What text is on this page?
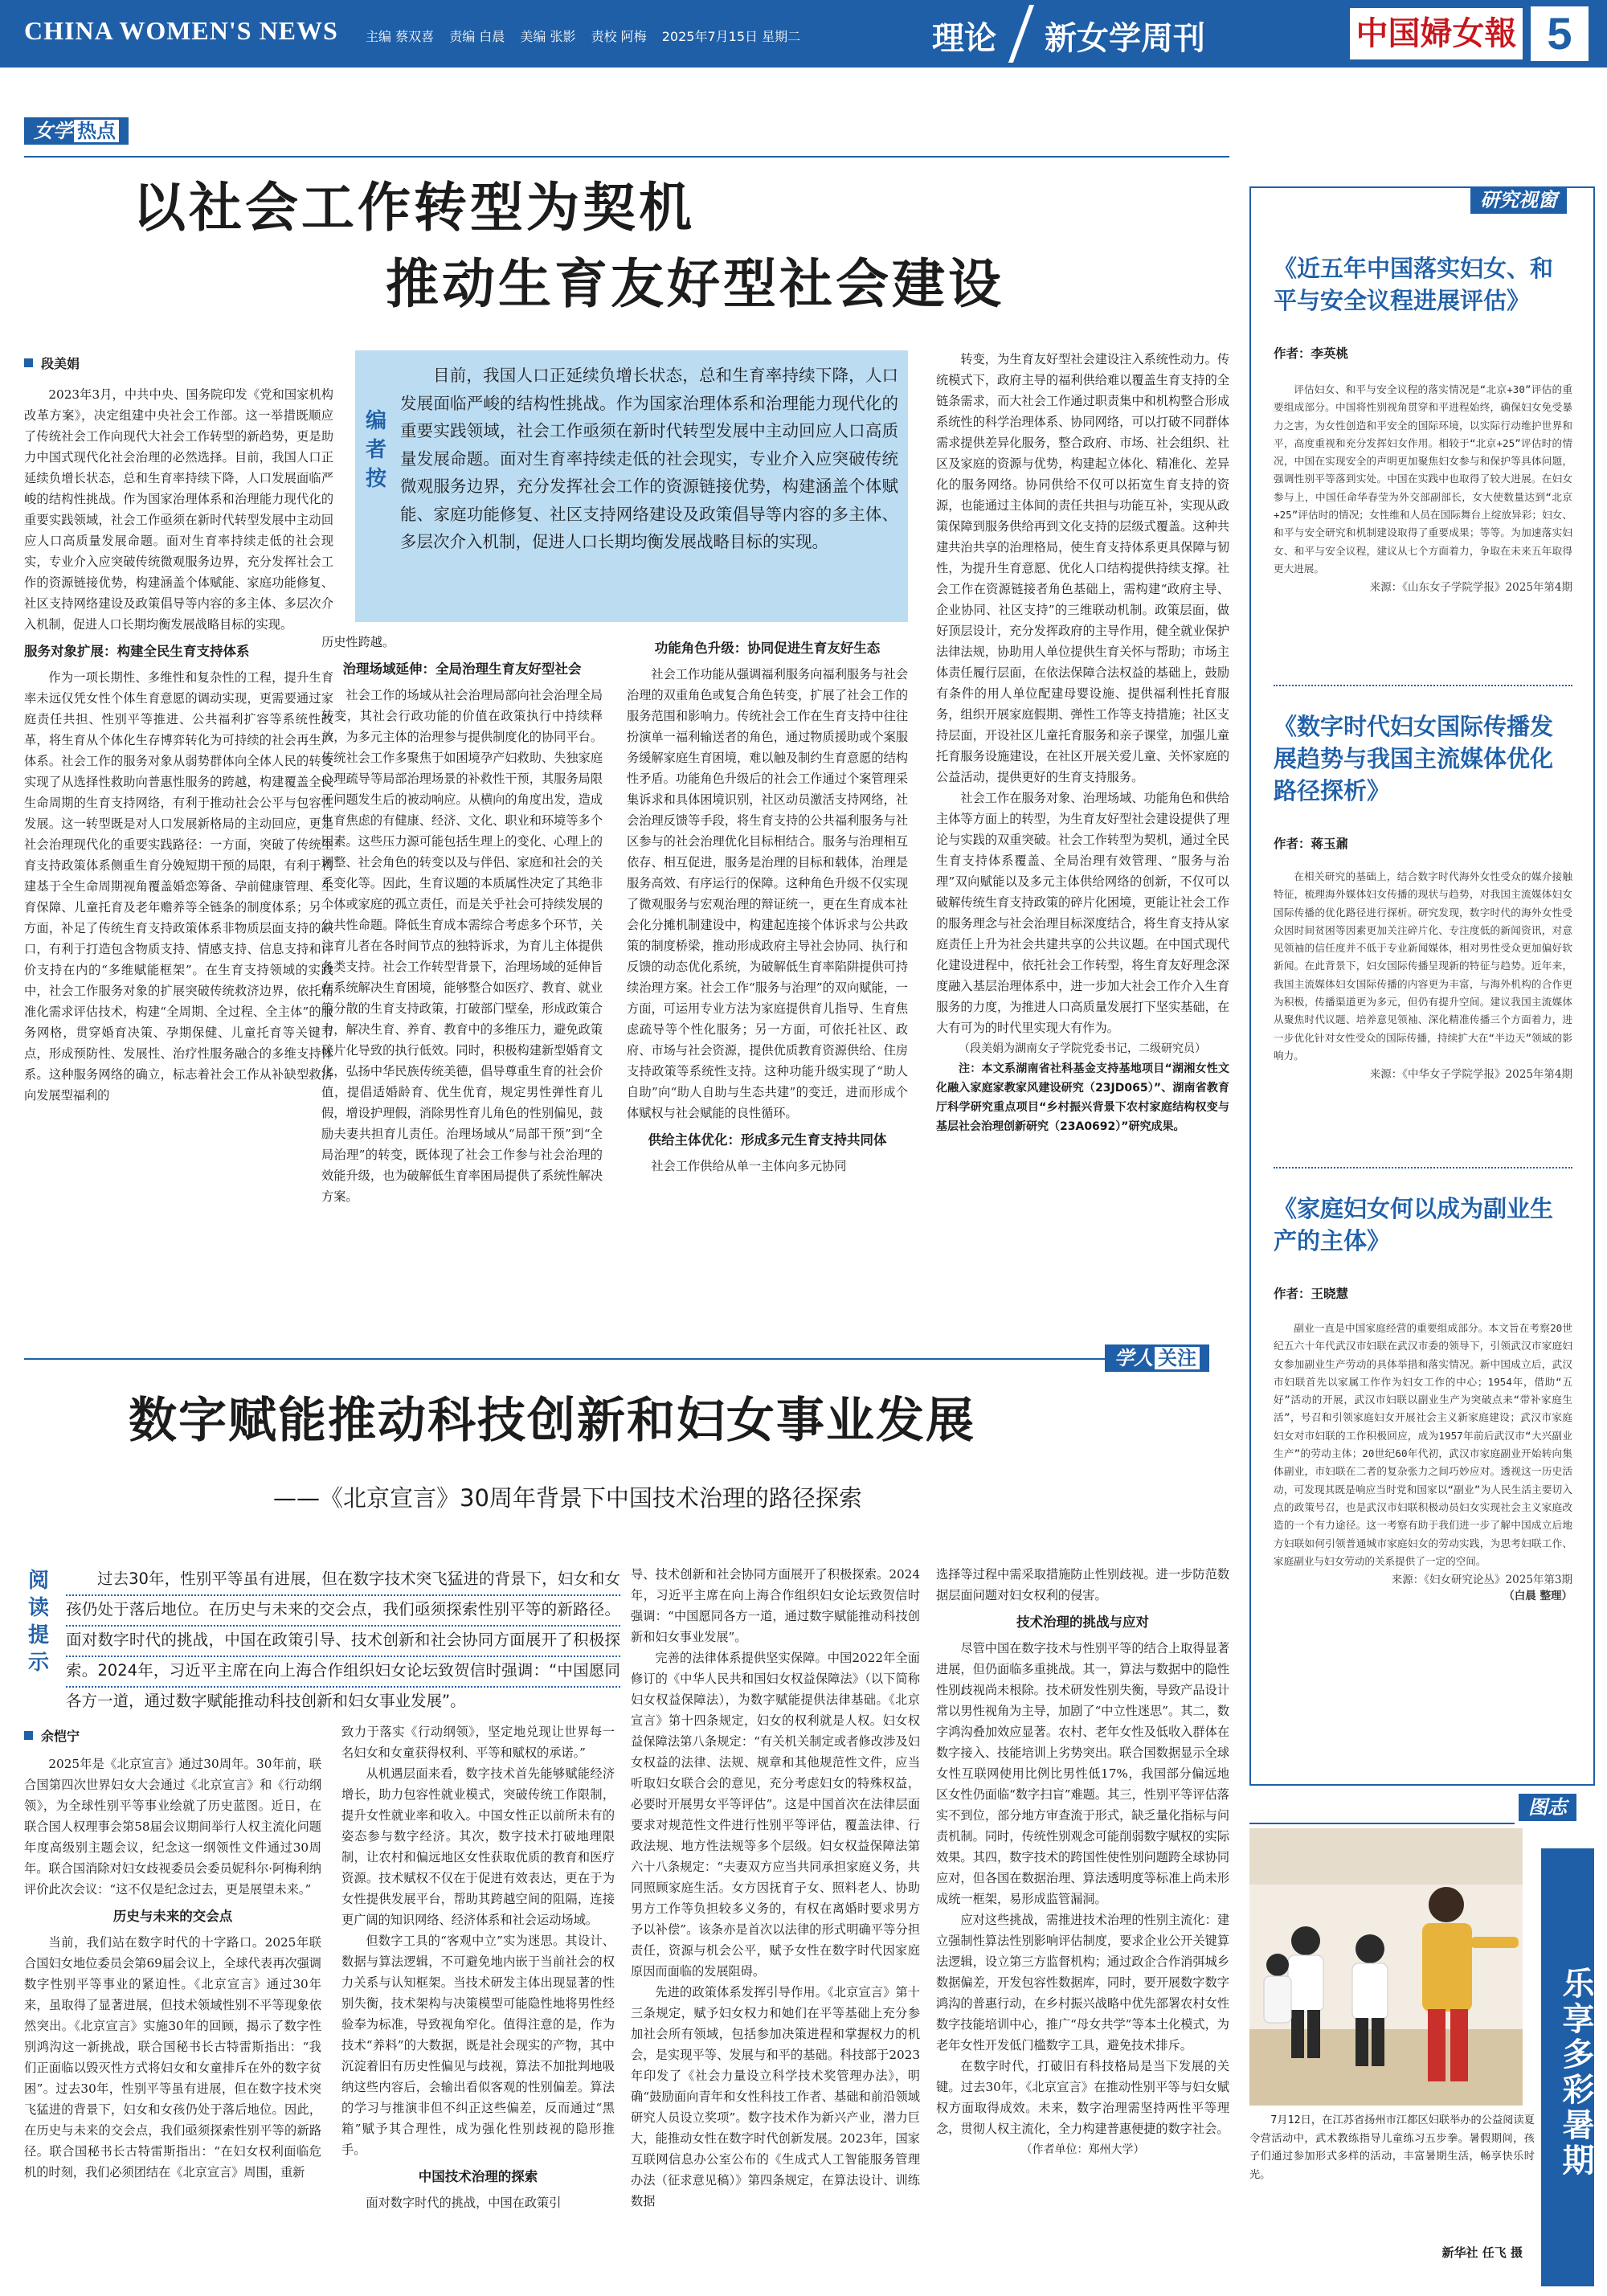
CHINA WOMEN'S NEWS 主编 蔡双喜 责编 白晨 美编 张影 责校 阿梅 2025年7月15日 星期二	理论 新女学周刊	中国婦女報 5
女学 热点
以社会工作转型为契机
推动生育友好型社会建设
段美娟
编者按
目前，我国人口正延续负增长状态，总和生育率持续下降，人口发展面临严峻的结构性挑战。作为国家治理体系和治理能力现代化的重要实践领域，社会工作亟须在新时代转型发展中主动回应人口高质量发展命题。面对生育率持续走低的社会现实，专业介入应突破传统微观服务边界，充分发挥社会工作的资源链接优势，构建涵盖个体赋能、家庭功能修复、社区支持网络建设及政策倡导等内容的多主体、多层次介入机制，促进人口长期均衡发展战略目标的实现。

2023年3月，中共中央、国务院印发《党和国家机构改革方案》，决定组建中央社会工作部。这一举措既顺应了传统社会工作向现代大社会工作转型的新趋势，更是助力中国式现代化社会治理的必然选择。目前，我国人口正延续负增长状态，总和生育率持续下降，人口发展面临严峻的结构性挑战。作为国家治理体系和治理能力现代化的重要实践领域，社会工作亟须在新时代转型发展中主动回应人口高质量发展命题。面对生育率持续走低的社会现实，专业介入应突破传统微观服务边界，充分发挥社会工作的资源链接优势，构建涵盖个体赋能、家庭功能修复、社区支持网络建设及政策倡导等内容的多主体、多层次介入机制，促进人口长期均衡发展战略目标的实现。

服务对象扩展：构建全民生育支持体系

作为一项长期性、多维性和复杂性的工程，提升生育率未远仅凭女性个体生育意愿的调动实现，更需要通过家庭责任共担、性别平等推进、公共福利扩容等系统性改革，将生育从个体化生存博弈转化为可持续的社会再生产体系。社会工作的服务对象从弱势群体向全体人民的转变实现了从选择性救助向普惠性服务的跨越，构建覆盖全民生命周期的生育支持网络，有利于推动社会公平与包容性发展。这一转型既是对人口发展新格局的主动回应，更是社会治理现代化的重要实践路径：一方面，突破了传统生育支持政策体系侧重生育分娩短期干预的局限，有利于构建基于全生命周期视角覆盖婚恋筹备、孕前健康管理、生育保障、儿童托育及老年赡养等全链条的制度体系；另一方面，补足了传统生育支持政策体系非物质层面支持的缺口，有利于打造包含物质支持、情感支持、信息支持和评价支持在内的“多维赋能框架”。在生育支持领域的实践中，社会工作服务对象的扩展突破传统救济边界，依托精准化需求评估技术，构建“全周期、全过程、全主体”的服务网格，贯穿婚育决策、孕期保健、儿童托育等关键节点，形成预防性、发展性、治疗性服务融合的多维支持体系。这种服务网络的确立，标志着社会工作从补缺型救济向发展型福利的

历史性跨越。
治理场域延伸：全局治理生育友好型社会

社会工作的场域从社会治理局部向社会治理全局转变，其社会行政功能的价值在政策执行中持续释放，为多元主体的治理参与提供制度化的协同平台。传统社会工作多聚焦于如困境孕产妇救助、失独家庭心理疏导等局部治理场景的补救性干预，其服务局限于问题发生后的被动响应。从横向的角度出发，造成生育焦虑的有健康、经济、文化、职业和环境等多个因素。这些压力源可能包括生理上的变化、心理上的调整、社会角色的转变以及与伴侣、家庭和社会的关系变化等。因此，生育议题的本质属性决定了其绝非个体或家庭的孤立责任，而是关乎社会可持续发展的公共性命题。降低生育成本需综合考虑多个环节，关注育儿者在各时间节点的独特诉求，为育儿主体提供各类支持。社会工作转型背景下，治理场域的延伸旨在系统解决生育困境，能够整合如医疗、教育、就业等分散的生育支持政策，打破部门壁垒，形成政策合力，解决生育、养育、教育中的多维压力，避免政策碎片化导致的执行低效。同时，积极构建新型婚育文化，弘扬中华民族传统美德，倡导尊重生育的社会价值，提倡适婚龄育、优生优育，规定男性弹性育儿假，增设护理假，消除男性育儿角色的性别偏见，鼓励夫妻共担育儿责任。治理场域从“局部干预”到“全局治理”的转变，既体现了社会工作参与社会治理的效能升级，也为破解低生育率困局提供了系统性解决方案。

功能角色升级：协同促进生育友好生态

社会工作功能从强调福利服务向福利服务与社会治理的双重角色或复合角色转变，扩展了社会工作的服务范围和影响力。传统社会工作在生育支持中往往扮演单一福利输送者的角色，通过物质援助或个案服务缓解家庭生育困境，难以触及制约生育意愿的结构性矛盾。功能角色升级后的社会工作通过个案管理采集诉求和具体困境识别，社区动员激活支持网络，社会治理反馈等手段，将生育支持的公共福利服务与社区参与的社会治理优化目标相结合。服务与治理相互依存、相互促进，服务是治理的目标和载体，治理是服务高效、有序运行的保障。这种角色升级不仅实现了微观服务与宏观治理的辩证统一，更在生育成本社会化分摊机制建设中，构建起连接个体诉求与公共政策的制度桥梁，推动形成政府主导社会协同、执行和反馈的动态优化系统，为破解低生育率陷阱提供可持续治理方案。社会工作“服务与治理”的双向赋能，一方面，可运用专业方法为家庭提供育儿指导、生育焦虑疏导等个性化服务；另一方面，可依托社区、政府、市场与社会资源，提供优质教育资源供给、住房支持政策等系统性支持。这种功能升级实现了“助人自助”向“助人自助与生态共建”的变迁，进而形成个体赋权与社会赋能的良性循环。

供给主体优化：形成多元生育支持共同体

社会工作供给从单一主体向多元协同

转变，为生育友好型社会建设注入系统性动力。传统模式下，政府主导的福利供给难以覆盖生育支持的全链条需求，而大社会工作通过职责集中和机构整合形成系统性的科学治理体系、协同网络，可以打破不同群体需求提供差异化服务，整合政府、市场、社会组织、社区及家庭的资源与优势，构建起立体化、精准化、差异化的服务网络。协同供给不仅可以拓宽生育支持的资源，也能通过主体间的责任共担与功能互补，实现从政策保障到服务供给再到文化支持的层级式覆盖。这种共建共治共享的治理格局，使生育支持体系更具保障与韧性，为提升生育意愿、优化人口结构提供持续支撑。社会工作在资源链接者角色基础上，需构建“政府主导、企业协同、社区支持”的三维联动机制。政策层面，做好顶层设计，充分发挥政府的主导作用，健全就业保护法律法规，协助用人单位提供生育关怀与帮助；市场主体责任履行层面，在依法保障合法权益的基础上，鼓励有条件的用人单位配建母婴设施、提供福利性托育服务，组织开展家庭假期、弹性工作等支持措施；社区支持层面，开设社区儿童托育服务和亲子课堂，加强儿童托育服务设施建设，在社区开展关爱儿童、关怀家庭的公益活动，提供更好的生育支持服务。

社会工作在服务对象、治理场域、功能角色和供给主体等方面上的转型，为生育友好型社会建设提供了理论与实践的双重突破。社会工作转型为契机，通过全民生育支持体系覆盖、全局治理有效管理、“服务与治理”双向赋能以及多元主体供给网络的创新，不仅可以破解传统生育支持政策的碎片化困境，更能让社会工作的服务理念与社会治理目标深度结合，将生育支持从家庭责任上升为社会共建共享的公共议题。在中国式现代化建设进程中，依托社会工作转型，将生育友好理念深度融入基层治理体系中，进一步加大社会工作介入生育服务的力度，为推进人口高质量发展打下坚实基础，在大有可为的时代里实现大有作为。

（段美娟为湖南女子学院党委书记，二级研究员）

注：本文系湖南省社科基金支持基地项目“湖湘女性文化融入家庭家教家风建设研究（23JD065）”、湖南省教育厅科学研究重点项目“乡村振兴背景下农村家庭结构权变与基层社会治理创新研究（23A0692）”研究成果。

学人 关注
数字赋能推动科技创新和妇女事业发展
——《北京宣言》30周年背景下中国技术治理的路径探索
阅读提示
过去30年，性别平等虽有进展，但在数字技术突飞猛进的背景下，妇女和女孩仍处于落后地位。在历史与未来的交会点，我们亟须探索性别平等的新路径。面对数字时代的挑战，中国在政策引导、技术创新和社会协同方面展开了积极探索。2024年，习近平主席在向上海合作组织妇女论坛致贺信时强调：“中国愿同各方一道，通过数字赋能推动科技创新和妇女事业发展”。
余恺宁

2025年是《北京宣言》通过30周年。30年前，联合国第四次世界妇女大会通过《北京宣言》和《行动纲领》，为全球性别平等事业绘就了历史蓝图。近日，在联合国人权理事会第58届会议期间举行人权主流化问题年度高级别主题会议，纪念这一纲领性文件通过30周年。联合国消除对妇女歧视委员会委员妮科尔·阿梅利纳评价此次会议：“这不仅是纪念过去，更是展望未来。”

历史与未来的交会点

当前，我们站在数字时代的十字路口。2025年联合国妇女地位委员会第69届会议上，全球代表再次强调数字性别平等事业的紧迫性。《北京宣言》通过30年来，虽取得了显著进展，但技术领域性别不平等现象依然突出。《北京宣言》实施30年的回顾，揭示了数字性别鸿沟这一新挑战，联合国秘书长古特雷斯指出：“我们正面临以毁灭性方式将妇女和女童排斥在外的数字贫困”。过去30年，性别平等虽有进展，但在数字技术突飞猛进的背景下，妇女和女孩仍处于落后地位。因此，在历史与未来的交会点，我们亟须探索性别平等的新路径。联合国秘书长古特雷斯指出：“在妇女权利面临危机的时刻，我们必须团结在《北京宣言》周围，重新

致力于落实《行动纲领》，坚定地兑现让世界每一名妇女和女童获得权利、平等和赋权的承诺。”

从机遇层面来看，数字技术首先能够赋能经济增长，助力包容性就业模式，突破传统工作限制，提升女性就业率和收入。中国女性正以前所未有的姿态参与数字经济。其次，数字技术打破地理限制，让农村和偏远地区女性获取优质的教育和医疗资源。技术赋权不仅在于促进有效表达，更在于为女性提供发展平台，帮助其跨越空间的阻隔，连接更广阔的知识网络、经济体系和社会运动场域。

但数字工具的“客观中立”实为迷思。其设计、数据与算法逻辑，不可避免地内嵌于当前社会的权力关系与认知框架。当技术研发主体出现显著的性别失衡，技术架构与决策模型可能隐性地将男性经验奉为标准，导致视角窄化。值得注意的是，作为技术“养料”的大数据，既是社会现实的产物，其中沉淀着旧有历史性偏见与歧视，算法不加批判地吸纳这些内容后，会输出看似客观的性别偏差。算法的学习与推演非但不纠正这些偏差，反而通过“黑箱”赋予其合理性，成为强化性别歧视的隐形推手。

中国技术治理的探索

面对数字时代的挑战，中国在政策引

导、技术创新和社会协同方面展开了积极探索。2024年，习近平主席在向上海合作组织妇女论坛致贺信时强调：“中国愿同各方一道，通过数字赋能推动科技创新和妇女事业发展”。

完善的法律体系提供坚实保障。中国2022年全面修订的《中华人民共和国妇女权益保障法》（以下简称妇女权益保障法），为数字赋能提供法律基础。《北京宣言》第十四条规定，妇女的权利就是人权。妇女权益保障法第八条规定：“有关机关制定或者修改涉及妇女权益的法律、法规、规章和其他规范性文件，应当听取妇女联合会的意见，充分考虑妇女的特殊权益，必要时开展男女平等评估”。这是中国首次在法律层面要求对规范性文件进行性别平等评估，覆盖法律、行政法规、地方性法规等多个层级。妇女权益保障法第六十八条规定：“夫妻双方应当共同承担家庭义务，共同照顾家庭生活。女方因抚育子女、照料老人、协助男方工作等负担较多义务的，有权在离婚时要求男方予以补偿”。该条亦是首次以法律的形式明确平等分担责任，资源与机会公平，赋予女性在数字时代因家庭原因而面临的发展阻碍。

先进的政策体系发挥引导作用。《北京宣言》第十三条规定，赋予妇女权力和她们在平等基础上充分参加社会所有领域，包括参加决策进程和掌握权力的机会，是实现平等、发展与和平的基础。科技部于2023年印发了《社会力量设立科学技术奖管理办法》，明确“鼓励面向青年和女性科技工作者、基础和前沿领域研究人员设立奖项”。数字技术作为新兴产业，潜力巨大，能推动女性在数字时代创新发展。2023年，国家互联网信息办公室公布的《生成式人工智能服务管理办法（征求意见稿）》第四条规定，在算法设计、训练数据

选择等过程中需采取措施防止性别歧视。进一步防范数据层面问题对妇女权利的侵害。
技术治理的挑战与应对

尽管中国在数字技术与性别平等的结合上取得显著进展，但仍面临多重挑战。其一，算法与数据中的隐性性别歧视尚未根除。技术研发性别失衡，导致产品设计常以男性视角为主导，加剧了“中立性迷思”。其二，数字鸿沟叠加效应显著。农村、老年女性及低收入群体在数字接入、技能培训上劣势突出。联合国数据显示全球女性互联网使用比例比男性低17%，我国部分偏远地区女性仍面临“数字扫盲”难题。其三，性别平等评估落实不到位，部分地方审查流于形式，缺乏量化指标与问责机制。同时，传统性别观念可能削弱数字赋权的实际效果。其四，数字技术的跨国性使性别问题跨全球协同应对，但各国在数据治理、算法透明度等标准上尚未形成统一框架，易形成监管漏洞。

应对这些挑战，需推进技术治理的性别主流化：建立强制性算法性别影响评估制度，要求企业公开关键算法逻辑，设立第三方监督机构；通过政企合作消弭城乡数据偏差，开发包容性数据库，同时，要开展数字数字鸿沟的普惠行动，在乡村振兴战略中优先部署农村女性数字技能培训中心，推广“母女共学”等本土化模式，为老年女性开发低门槛数字工具，避免技术排斥。

在数字时代，打破旧有科技格局是当下发展的关键。过去30年，《北京宣言》在推动性别平等与妇女赋权方面取得成效。未来，数字治理需坚持两性平等理念，贯彻人权主流化，全力构建普惠便捷的数字社会。

（作者单位：郑州大学）
研究视窗
《近五年中国落实妇女、和平与安全议程进展评估》
作者：李英桃
评估妇女、和平与安全议程的落实情况是“北京+30”评估的重要组成部分。中国将性别视角贯穿和平进程始终，确保妇女免受暴力之害，为女性创造和平安全的国际环境，以实际行动维护世界和平，高度重视和充分发挥妇女作用。相较于“北京+25”评估时的情况，中国在实现安全的声明更加聚焦妇女参与和保护等具体问题，强调性别平等落到实处。中国在实践中也取得了较大进展。在妇女参与上，中国任命华春莹为外交部副部长，女大使数量达到“北京+25”评估时的情况；女性维和人员在国际舞台上绽放异彩；妇女、和平与安全研究和机制建设取得了重要成果；等等。为加速落实妇女、和平与安全议程，建议从七个方面着力，争取在未来五年取得更大进展。
来源：《山东女子学院学报》2025年第4期
《数字时代妇女国际传播发展趋势与我国主流媒体优化路径探析》
作者：蒋玉鼐
在相关研究的基础上，结合数字时代海外女性受众的媒介接触特征，梳理海外媒体妇女传播的现状与趋势，对我国主流媒体妇女国际传播的优化路径进行探析。研究发现，数字时代的海外女性受众因时间贫困等因素更加关注碎片化、专注度低的新闻资讯，对意见领袖的信任度并不低于专业新闻媒体，相对男性受众更加偏好软新闻。在此背景下，妇女国际传播呈现新的特征与趋势。近年来，我国主流媒体妇女国际传播的内容更为丰富，与海外机构的合作更为积极，传播渠道更为多元，但仍有提升空间。建议我国主流媒体从聚焦时代议题、培养意见领袖、深化精准传播三个方面着力，进一步优化针对女性受众的国际传播，持续扩大在“半边天”领域的影响力。
来源：《中华女子学院学报》2025年第4期
《家庭妇女何以成为副业生产的主体》
作者：王晓慧
副业一直是中国家庭经营的重要组成部分。本文旨在考察20世纪五六十年代武汉市妇联在武汉市委的领导下，引领武汉市家庭妇女参加副业生产劳动的具体举措和落实情况。新中国成立后，武汉市妇联首先以家属工作作为妇女工作的中心；1954年，借助“五好”活动的开展，武汉市妇联以副业生产为突破点来“带补家庭生活”，号召和引领家庭妇女开展社会主义新家庭建设；武汉市家庭妇女对市妇联的工作积极回应，成为1957年前后武汉市“大兴副业生产”的劳动主体；20世纪60年代初，武汉市家庭副业开始转向集体副业，市妇联在二者的复杂张力之间巧妙应对。透视这一历史活动，可发现其既是响应当时党和国家以“副业”为人民生活主要切入点的政策号召，也是武汉市妇联积极动员妇女实现社会主义家庭改造的一个有力途径。这一考察有助于我们进一步了解中国成立后地方妇联如何引领普通城市家庭妇女的劳动实践，为思考妇联工作、家庭副业与妇女劳动的关系提供了一定的空间。
来源：《妇女研究论丛》2025年第3期
（白晨 整理）
图志
乐享多彩暑期
7月12日，在江苏省扬州市江都区妇联举办的公益阅读夏令营活动中，武术教练指导儿童练习五步拳。暑假期间，孩子们通过参加形式多样的活动，丰富暑期生活，畅享快乐时光。
新华社 任飞 摄
